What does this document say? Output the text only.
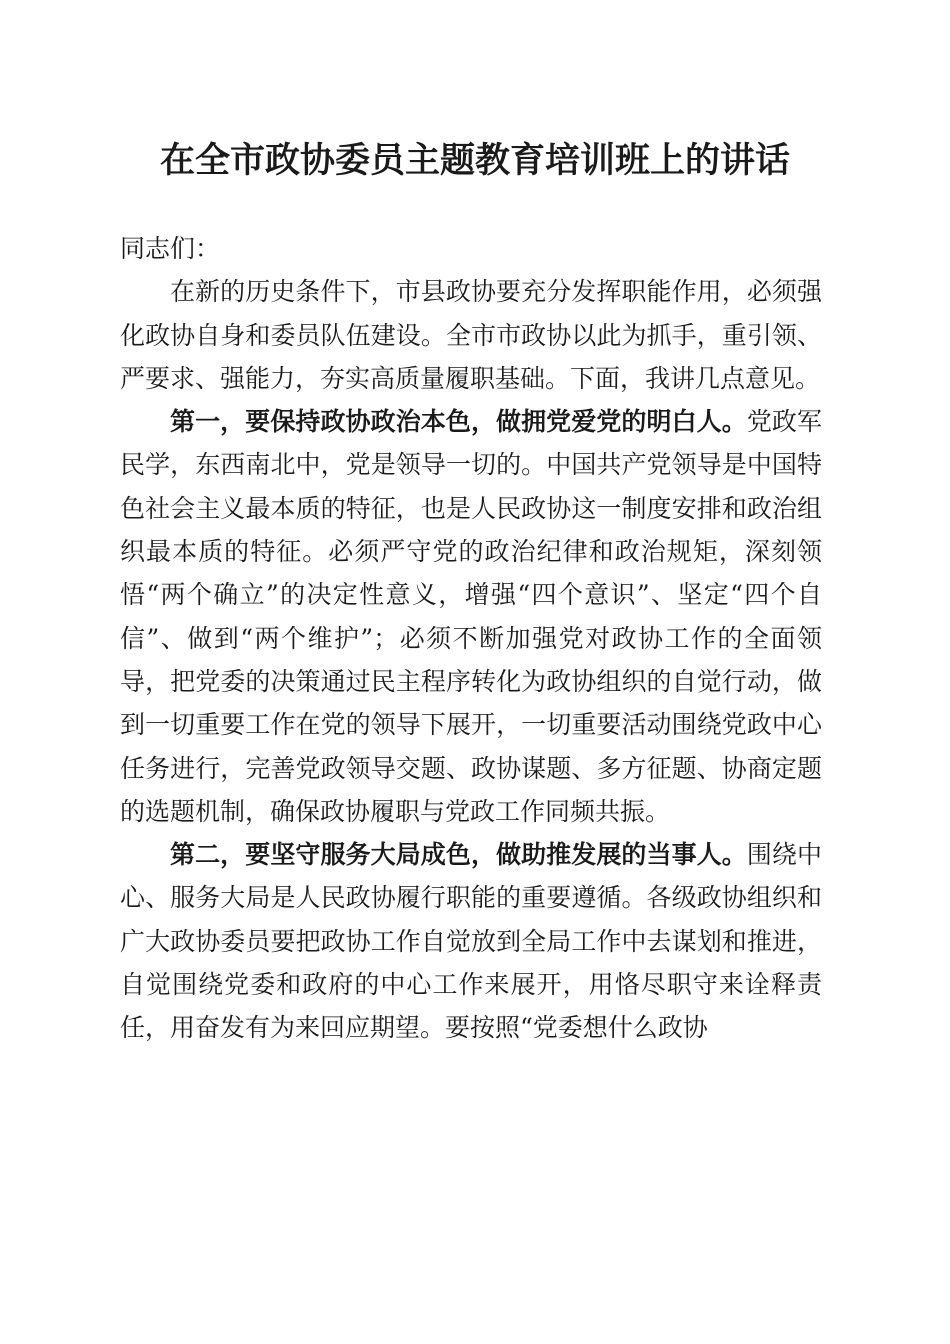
在全市政协委员主题教育培训班上的讲话

同志们：

在新的历史条件下，市县政协要充分发挥职能作用，必须强化政协自身和委员队伍建设。全市市政协以此为抓手，重引领、严要求、强能力，夯实高质量履职基础。下面，我讲几点意见。

第一，要保持政协政治本色，做拥党爱党的明白人。党政军民学，东西南北中，党是领导一切的。中国共产党领导是中国特色社会主义最本质的特征，也是人民政协这一制度安排和政治组织最本质的特征。必须严守党的政治纪律和政治规矩，深刻领悟“两个确立”的决定性意义，增强“四个意识”、坚定“四个自信”、做到“两个维护”；必须不断加强党对政协工作的全面领导，把党委的决策通过民主程序转化为政协组织的自觉行动，做到一切重要工作在党的领导下展开，一切重要活动围绕党政中心任务进行，完善党政领导交题、政协谋题、多方征题、协商定题的选题机制，确保政协履职与党政工作同频共振。

第二，要坚守服务大局成色，做助推发展的当事人。围绕中心、服务大局是人民政协履行职能的重要遵循。各级政协组织和广大政协委员要把政协工作自觉放到全局工作中去谋划和推进，自觉围绕党委和政府的中心工作来展开，用恪尽职守来诠释责任，用奋发有为来回应期望。要按照“党委想什么政协
